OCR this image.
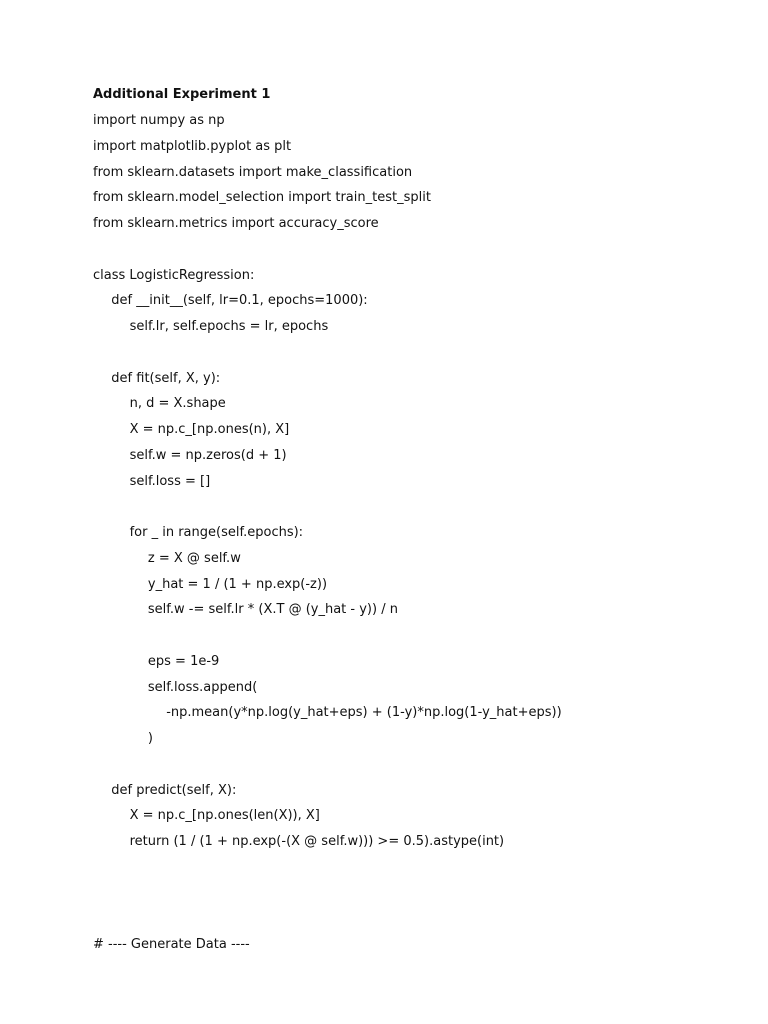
Additional Experiment 1
import numpy as np
import matplotlib.pyplot as plt
from sklearn.datasets import make_classification
from sklearn.model_selection import train_test_split
from sklearn.metrics import accuracy_score
class LogisticRegression:
def __init__(self, lr=0.1, epochs=1000):
self.lr, self.epochs = lr, epochs
def fit(self, X, y):
n, d = X.shape
X = np.c_[np.ones(n), X]
self.w = np.zeros(d + 1)
self.loss = []
for _ in range(self.epochs):
z = X @ self.w
y_hat = 1 / (1 + np.exp(-z))
self.w -= self.lr * (X.T @ (y_hat - y)) / n
eps = 1e-9
self.loss.append(
-np.mean(y*np.log(y_hat+eps) + (1-y)*np.log(1-y_hat+eps))
)
def predict(self, X):
X = np.c_[np.ones(len(X)), X]
return (1 / (1 + np.exp(-(X @ self.w))) >= 0.5).astype(int)
# ---- Generate Data ----
